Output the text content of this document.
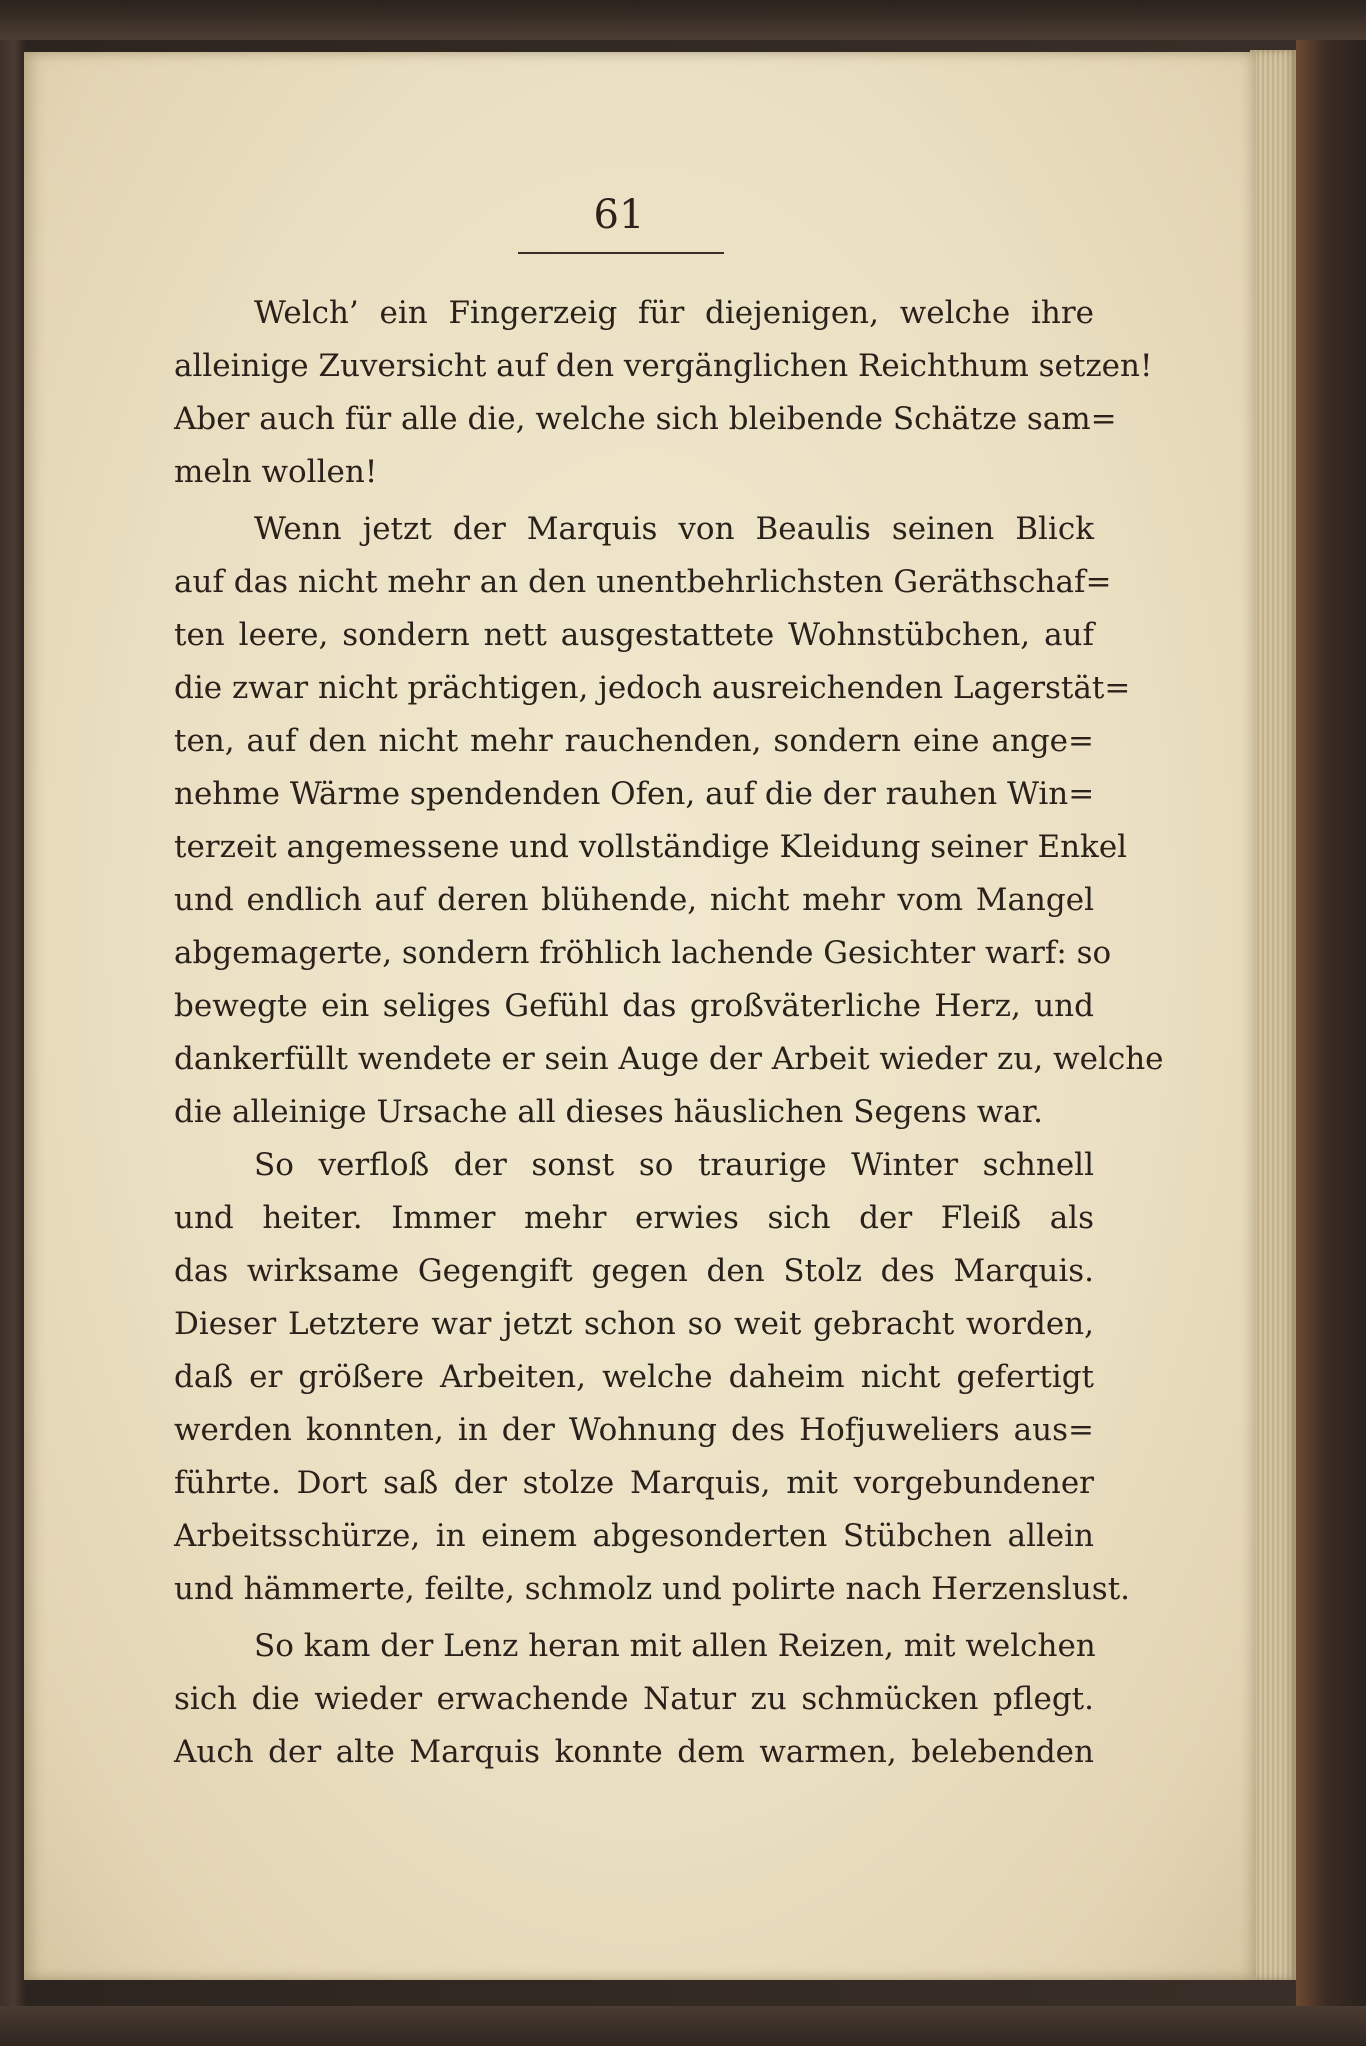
61
Welch’ ein Fingerzeig für diejenigen, welche ihre
alleinige Zuversicht auf den vergänglichen Reichthum setzen!
Aber auch für alle die, welche sich bleibende Schätze sam=
meln wollen!
Wenn jetzt der Marquis von Beaulis seinen Blick
auf das nicht mehr an den unentbehrlichsten Geräthschaf=
ten leere, sondern nett ausgestattete Wohnstübchen, auf
die zwar nicht prächtigen, jedoch ausreichenden Lagerstät=
ten, auf den nicht mehr rauchenden, sondern eine ange=
nehme Wärme spendenden Ofen, auf die der rauhen Win=
terzeit angemessene und vollständige Kleidung seiner Enkel
und endlich auf deren blühende, nicht mehr vom Mangel
abgemagerte, sondern fröhlich lachende Gesichter warf: so
bewegte ein seliges Gefühl das großväterliche Herz, und
dankerfüllt wendete er sein Auge der Arbeit wieder zu, welche
die alleinige Ursache all dieses häuslichen Segens war.
So verfloß der sonst so traurige Winter schnell
und heiter. Immer mehr erwies sich der Fleiß als
das wirksame Gegengift gegen den Stolz des Marquis.
Dieser Letztere war jetzt schon so weit gebracht worden,
daß er größere Arbeiten, welche daheim nicht gefertigt
werden konnten, in der Wohnung des Hofjuweliers aus=
führte. Dort saß der stolze Marquis, mit vorgebundener
Arbeitsschürze, in einem abgesonderten Stübchen allein
und hämmerte, feilte, schmolz und polirte nach Herzenslust.
So kam der Lenz heran mit allen Reizen, mit welchen
sich die wieder erwachende Natur zu schmücken pflegt.
Auch der alte Marquis konnte dem warmen, belebenden
